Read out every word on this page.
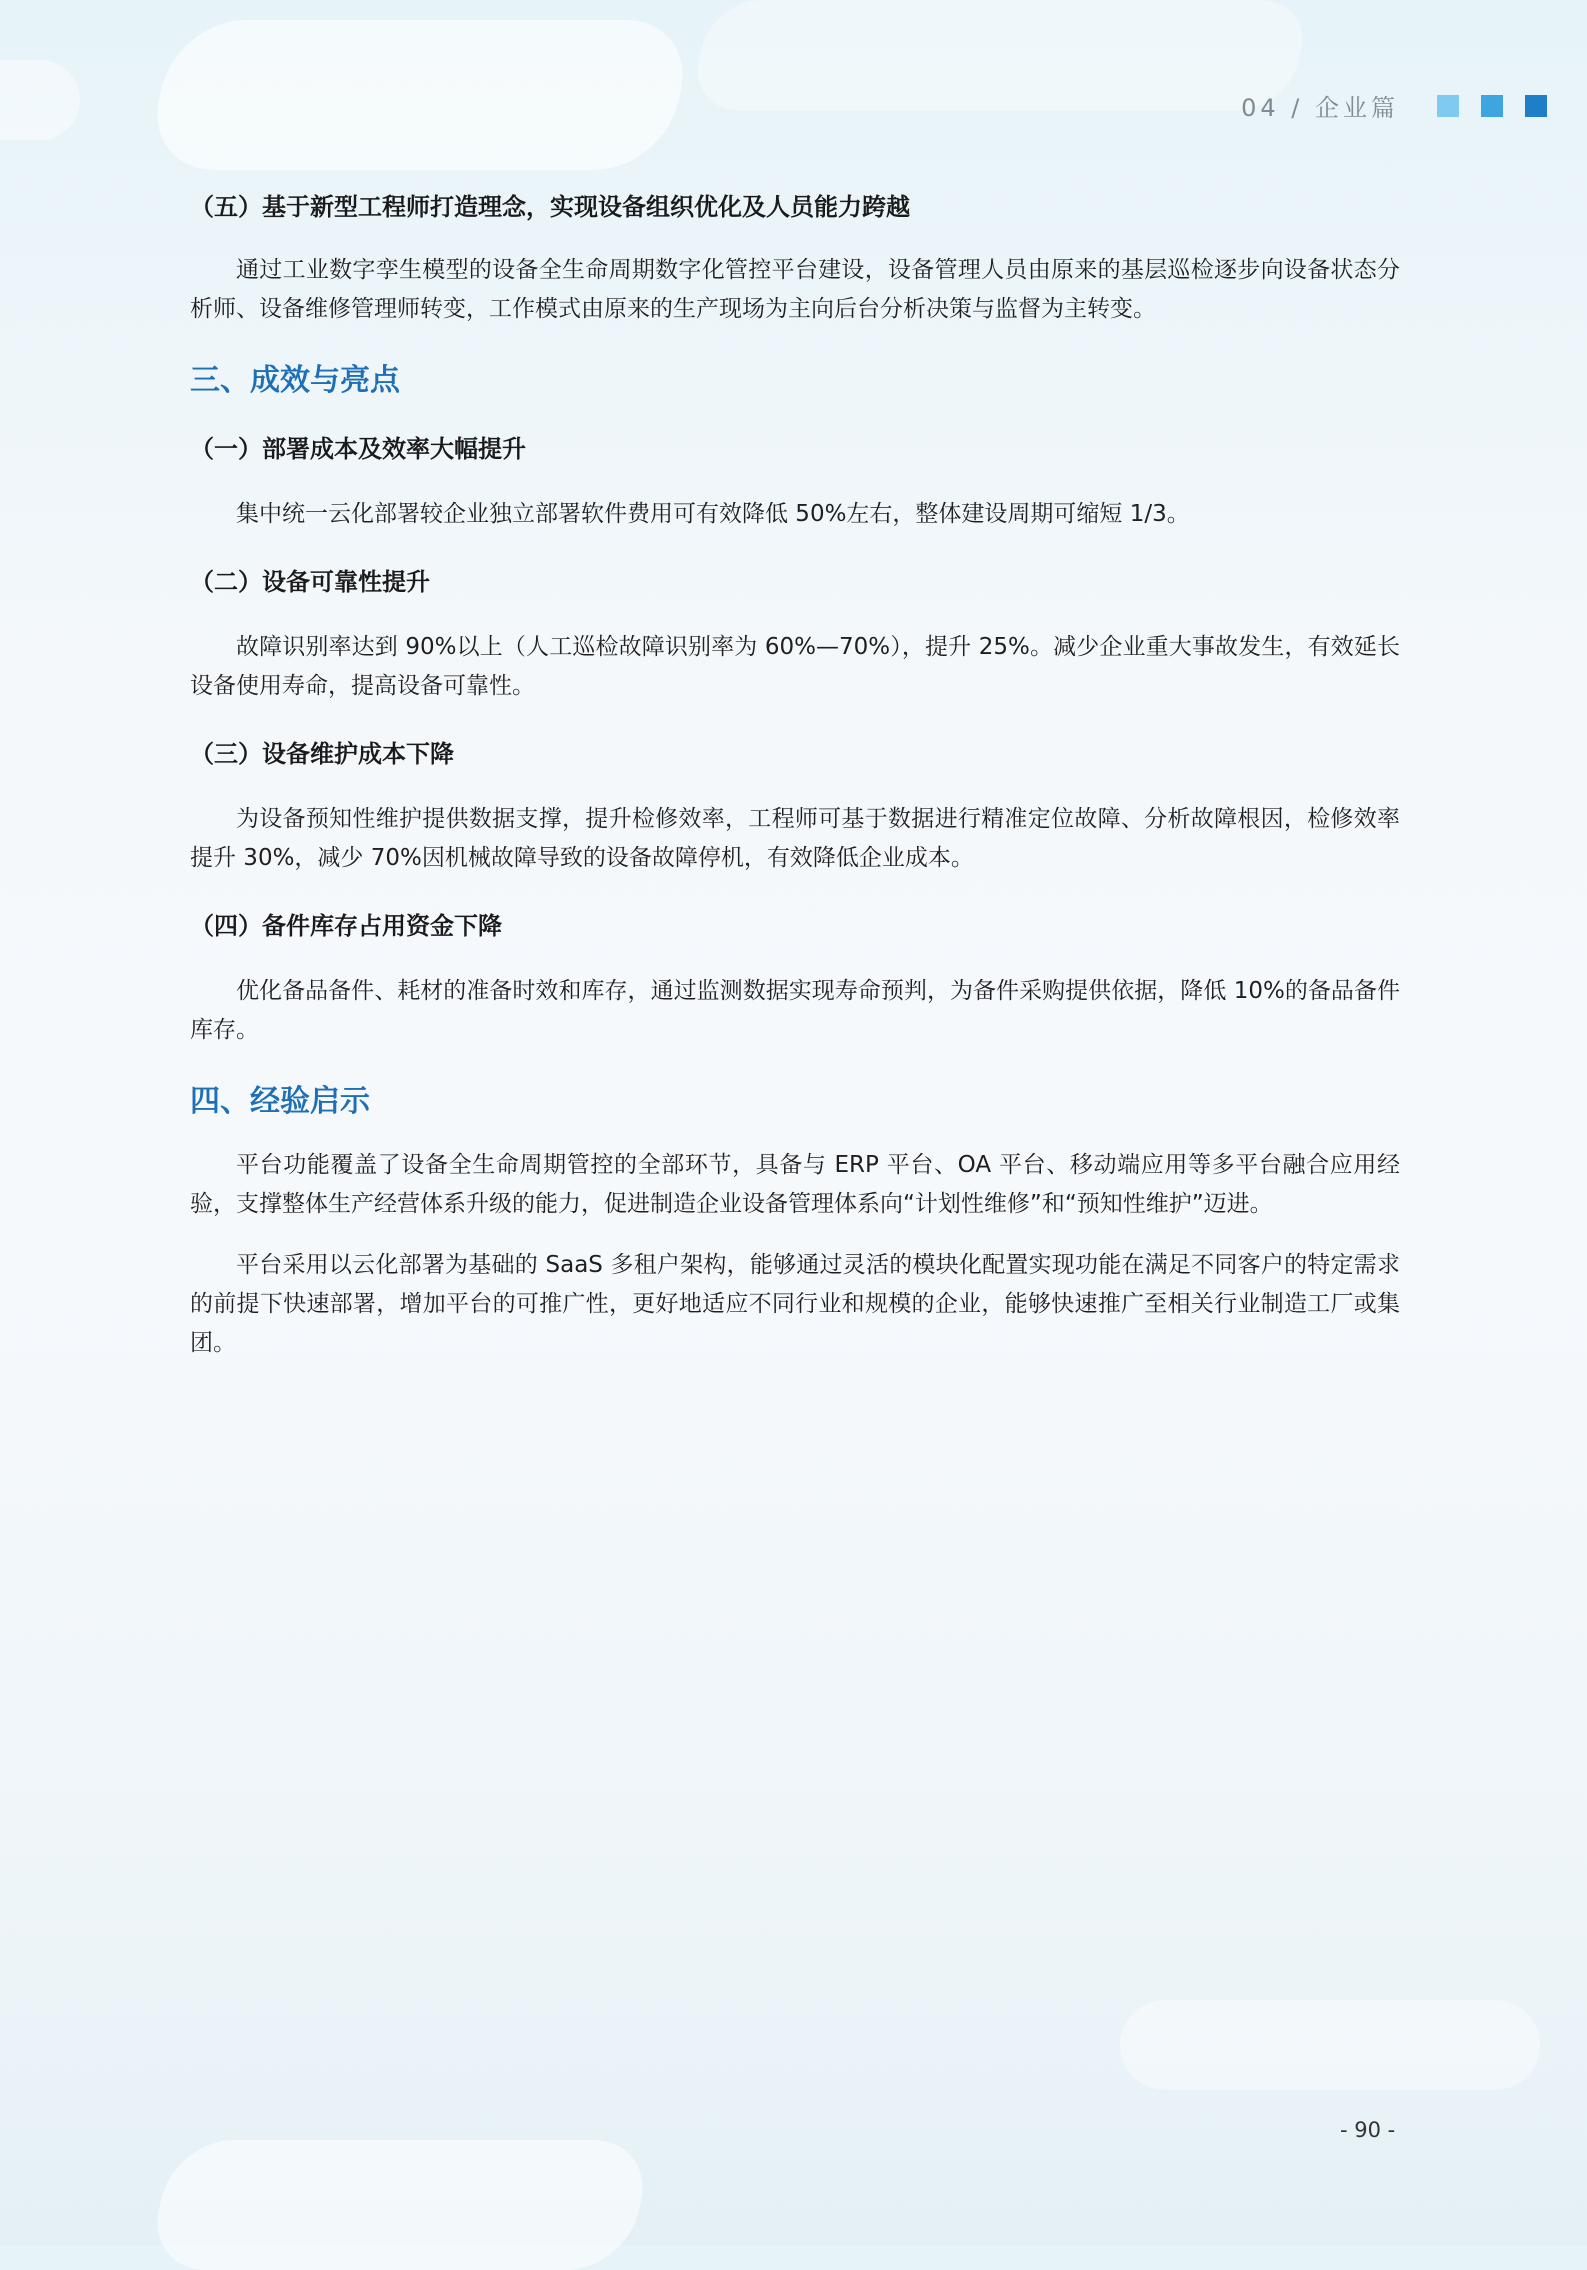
04 / 企业篇
（五）基于新型工程师打造理念，实现设备组织优化及人员能力跨越

通过工业数字孪生模型的设备全生命周期数字化管控平台建设，设备管理人员由原来的基层巡检逐步向设备状态分析师、设备维修管理师转变，工作模式由原来的生产现场为主向后台分析决策与监督为主转变。

三、成效与亮点
（一）部署成本及效率大幅提升

集中统一云化部署较企业独立部署软件费用可有效降低 50%左右，整体建设周期可缩短 1/3。

（二）设备可靠性提升

故障识别率达到 90%以上（人工巡检故障识别率为 60%—70%），提升 25%。减少企业重大事故发生，有效延长设备使用寿命，提高设备可靠性。

（三）设备维护成本下降

为设备预知性维护提供数据支撑，提升检修效率，工程师可基于数据进行精准定位故障、分析故障根因，检修效率提升 30%，减少 70%因机械故障导致的设备故障停机，有效降低企业成本。

（四）备件库存占用资金下降

优化备品备件、耗材的准备时效和库存，通过监测数据实现寿命预判，为备件采购提供依据，降低 10%的备品备件库存。

四、经验启示

平台功能覆盖了设备全生命周期管控的全部环节，具备与 ERP 平台、OA 平台、移动端应用等多平台融合应用经验，支撑整体生产经营体系升级的能力，促进制造企业设备管理体系向“计划性维修”和“预知性维护”迈进。

平台采用以云化部署为基础的 SaaS 多租户架构，能够通过灵活的模块化配置实现功能在满足不同客户的特定需求的前提下快速部署，增加平台的可推广性，更好地适应不同行业和规模的企业，能够快速推广至相关行业制造工厂或集团。

- 90 -
